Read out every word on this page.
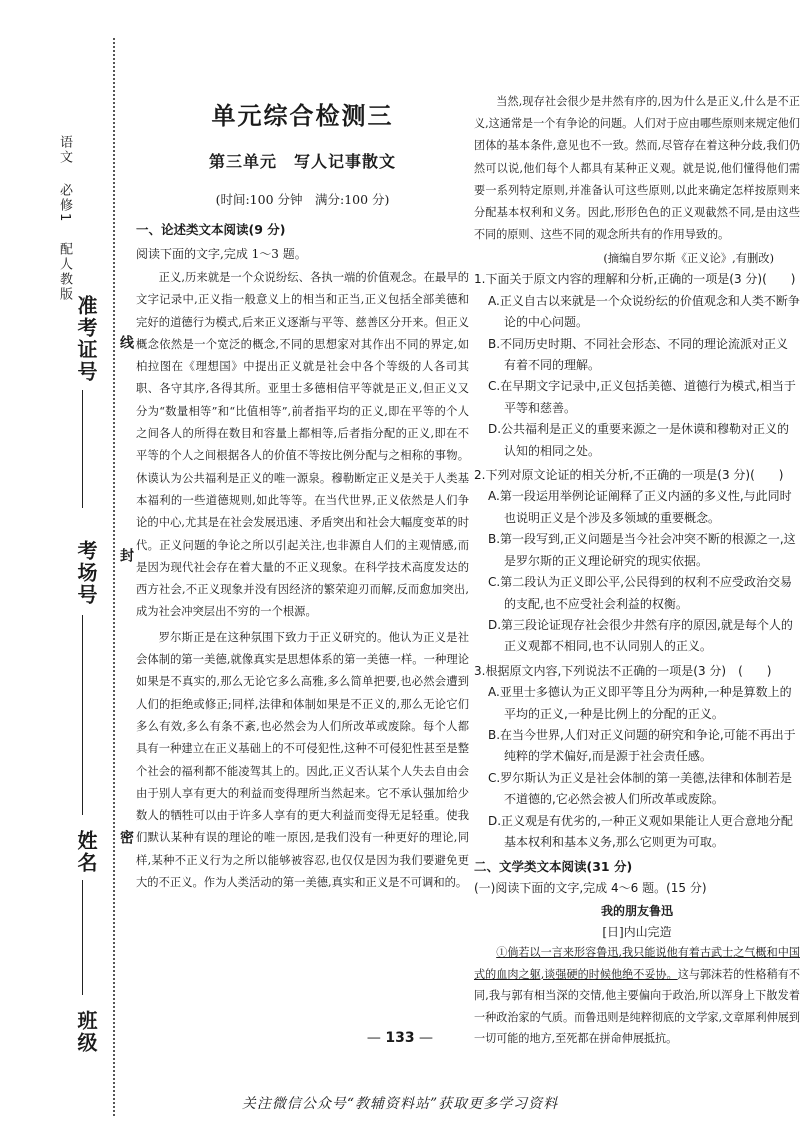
语文 必修1 配人教版
准考证号
考场号
姓名
班级
线
封
密
单元综合检测三
第三单元　写人记事散文
(时间:100 分钟　满分:100 分)
一、论述类文本阅读(9 分)
阅读下面的文字,完成 1～3 题。

正义,历来就是一个众说纷纭、各执一端的价值观念。在最早的文字记录中,正义指一般意义上的相当和正当,正义包括全部美德和完好的道德行为模式,后来正义逐渐与平等、慈善区分开来。但正义概念依然是一个宽泛的概念,不同的思想家对其作出不同的界定,如柏拉图在《理想国》中提出正义就是社会中各个等级的人各司其职、各守其序,各得其所。亚里士多德相信平等就是正义,但正义又分为“数量相等”和“比值相等”,前者指平均的正义,即在平等的个人之间各人的所得在数目和容量上都相等,后者指分配的正义,即在不平等的个人之间根据各人的价值不等按比例分配与之相称的事物。休谟认为公共福利是正义的唯一源泉。穆勒断定正义是关于人类基本福利的一些道德规则,如此等等。在当代世界,正义依然是人们争论的中心,尤其是在社会发展迅速、矛盾突出和社会大幅度变革的时代。正义问题的争论之所以引起关注,也非源自人们的主观情感,而是因为现代社会存在着大量的不正义现象。在科学技术高度发达的西方社会,不正义现象并没有因经济的繁荣迎刃而解,反而愈加突出,成为社会冲突层出不穷的一个根源。

罗尔斯正是在这种氛围下致力于正义研究的。他认为正义是社会体制的第一美德,就像真实是思想体系的第一美德一样。一种理论如果是不真实的,那么无论它多么高雅,多么简单把要,也必然会遭到人们的拒绝或修正;同样,法律和体制如果是不正义的,那么无论它们多么有效,多么有条不紊,也必然会为人们所改革或废除。每个人都具有一种建立在正义基础上的不可侵犯性,这种不可侵犯性甚至是整个社会的福利都不能凌驾其上的。因此,正义否认某个人失去自由会由于别人享有更大的利益而变得理所当然起来。它不承认强加给少数人的牺牲可以由于许多人享有的更大利益而变得无足轻重。使我们默认某种有误的理论的唯一原因,是我们没有一种更好的理论,同样,某种不正义行为之所以能够被容忍,也仅仅是因为我们要避免更大的不正义。作为人类活动的第一美德,真实和正义是不可调和的。

当然,现存社会很少是井然有序的,因为什么是正义,什么是不正义,这通常是一个有争论的问题。人们对于应由哪些原则来规定他们团体的基本条件,意见也不一致。然而,尽管存在着这种分歧,我们仍然可以说,他们每个人都具有某种正义观。就是说,他们懂得他们需要一系列特定原则,并准备认可这些原则,以此来确定怎样按原则来分配基本权利和义务。因此,形形色色的正义观截然不同,是由这些不同的原则、这些不同的观念所共有的作用导致的。

(摘编自罗尔斯《正义论》,有删改)
1.下面关于原文内容的理解和分析,正确的一项是(3 分)(　　)

A.正义自古以来就是一个众说纷纭的价值观念和人类不断争论的中心问题。

B.不同历史时期、不同社会形态、不同的理论流派对正义有着不同的理解。

C.在早期文字记录中,正义包括美德、道德行为模式,相当于平等和慈善。

D.公共福利是正义的重要来源之一是休谟和穆勒对正义的认知的相同之处。

2.下列对原文论证的相关分析,不正确的一项是(3 分)(　　)

A.第一段运用举例论证阐释了正义内涵的多义性,与此同时也说明正义是个涉及多领域的重要概念。

B.第一段写到,正义问题是当今社会冲突不断的根源之一,这是罗尔斯的正义理论研究的现实依据。

C.第二段认为正义即公平,公民得到的权利不应受政治交易的支配,也不应受社会利益的权衡。

D.第三段论证现存社会很少井然有序的原因,就是每个人的正义观都不相同,也不认同别人的正义。

3.根据原文内容,下列说法不正确的一项是(3 分)　(　　)

A.亚里士多德认为正义即平等且分为两种,一种是算数上的平均的正义,一种是比例上的分配的正义。

B.在当今世界,人们对正义问题的研究和争论,可能不再出于纯粹的学术偏好,而是源于社会责任感。

C.罗尔斯认为正义是社会体制的第一美德,法律和体制若是不道德的,它必然会被人们所改革或废除。

D.正义观是有优劣的,一种正义观如果能让人更合意地分配基本权利和基本义务,那么它则更为可取。

二、文学类文本阅读(31 分)
(一)阅读下面的文字,完成 4～6 题。(15 分)
我的朋友鲁迅
[日]内山完造

①倘若以一言来形容鲁迅,我只能说他有着古武士之气概和中国式的血肉之躯,谈强硬的时候他绝不妥协。这与郭沫若的性格稍有不同,我与郭有相当深的交情,他主要偏向于政治,所以浑身上下散发着一种政治家的气质。而鲁迅则是纯粹彻底的文学家,文章犀利伸展到一切可能的地方,至死都在拼命伸展抵抗。

— 133 —
关注微信公众号“教辅资料站”获取更多学习资料
